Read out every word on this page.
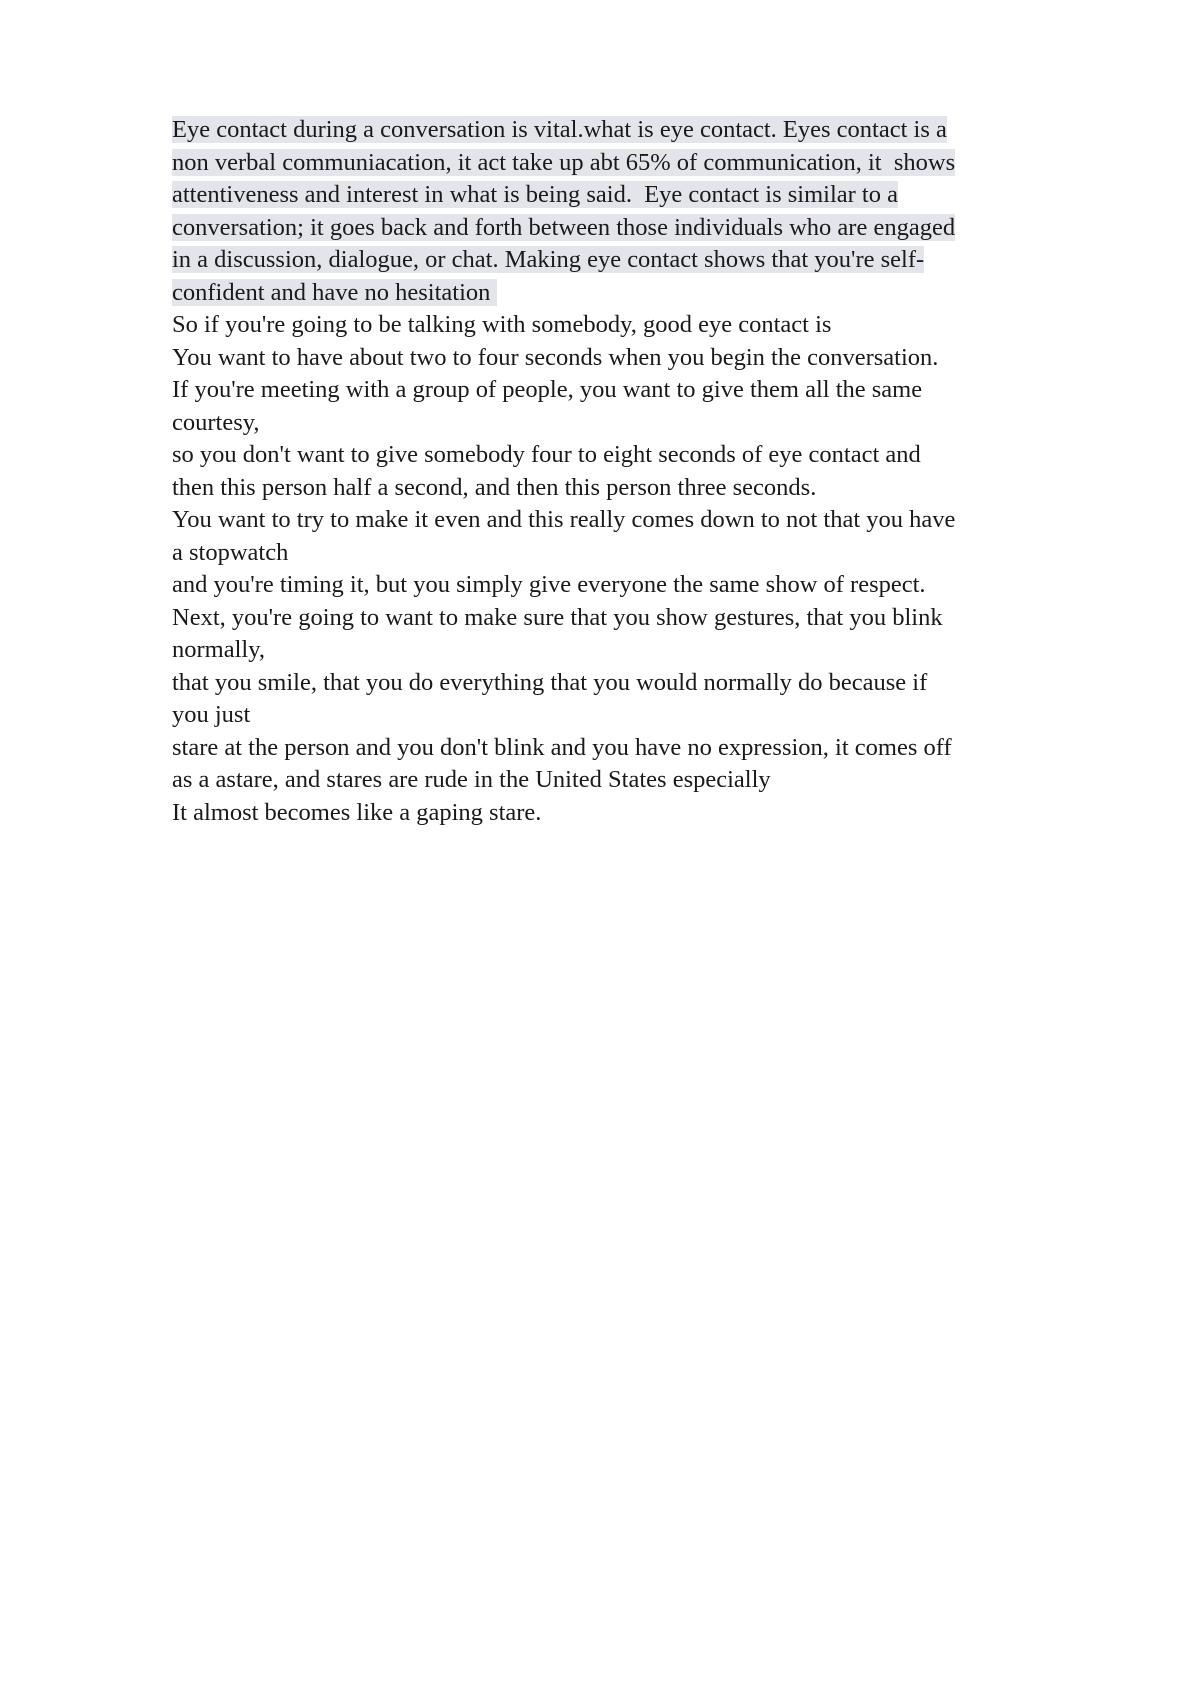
Eye contact during a conversation is vital.what is eye contact. Eyes contact is a
non verbal communiacation, it act take up abt 65% of communication, it  shows
attentiveness and interest in what is being said.  Eye contact is similar to a
conversation; it goes back and forth between those individuals who are engaged
in a discussion, dialogue, or chat. Making eye contact shows that you're self-
confident and have no hesitation
So if you're going to be talking with somebody, good eye contact is
You want to have about two to four seconds when you begin the conversation.
If you're meeting with a group of people, you want to give them all the same
courtesy,
so you don't want to give somebody four to eight seconds of eye contact and
then this person half a second, and then this person three seconds.
You want to try to make it even and this really comes down to not that you have
a stopwatch
and you're timing it, but you simply give everyone the same show of respect.
Next, you're going to want to make sure that you show gestures, that you blink
normally,
that you smile, that you do everything that you would normally do because if
you just
stare at the person and you don't blink and you have no expression, it comes off
as a astare, and stares are rude in the United States especially
It almost becomes like a gaping stare.
